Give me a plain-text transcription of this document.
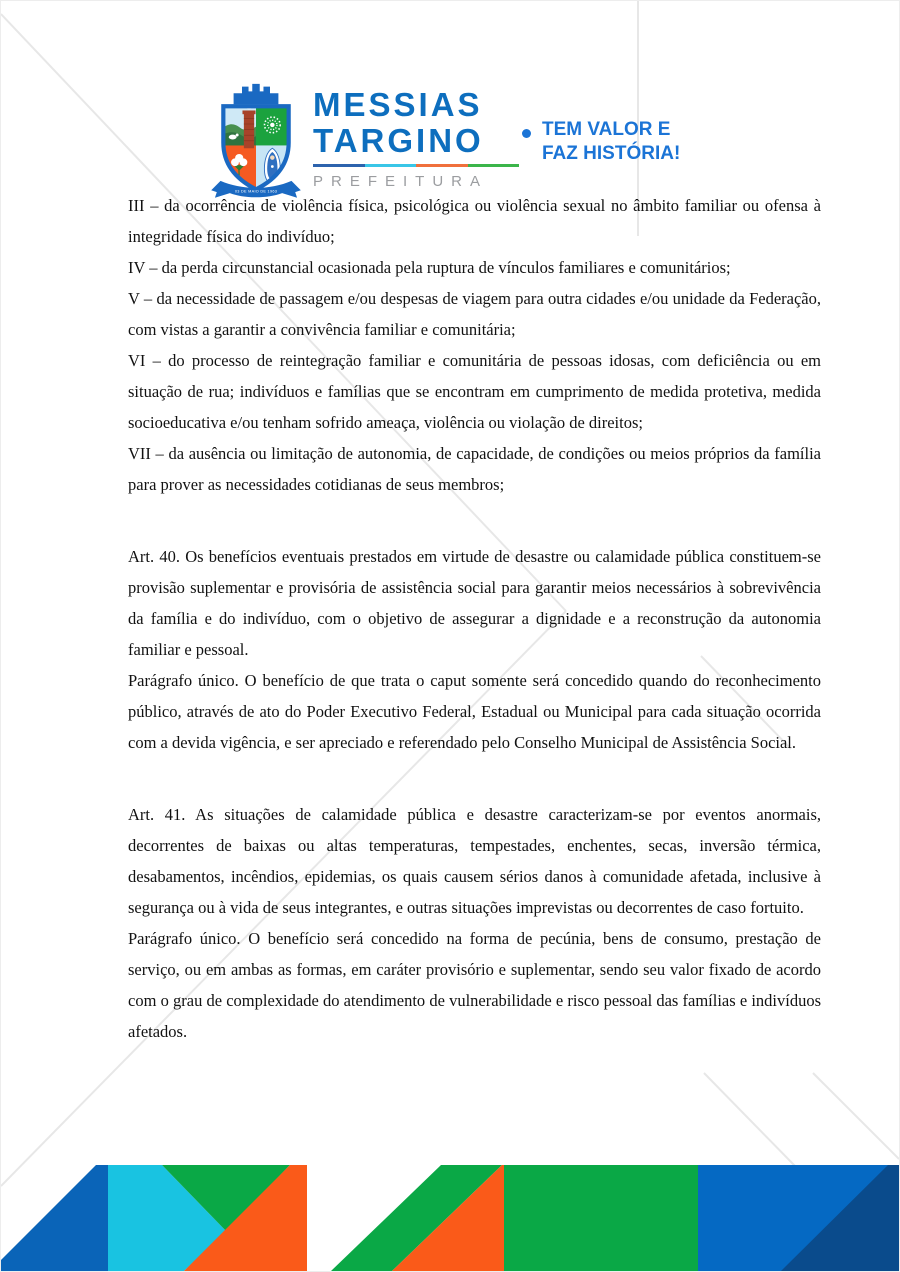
03 DE MAIO DE 1963
MESSIAS
TARGINO
PREFEITURA
TEM VALOR E
FAZ HISTÓRIA!

III – da ocorrência de violência física, psicológica ou violência sexual no âmbito familiar ou ofensa à integridade física do indivíduo;

IV – da perda circunstancial ocasionada pela ruptura de vínculos familiares e comunitários;

V – da necessidade de passagem e/ou despesas de viagem para outra cidades e/ou unidade da Federação, com vistas a garantir a convivência familiar e comunitária;

VI – do processo de reintegração familiar e comunitária de pessoas idosas, com deficiência ou em situação de rua; indivíduos e famílias que se encontram em cumprimento de medida protetiva, medida socioeducativa e/ou tenham sofrido ameaça, violência ou violação de direitos;

VII – da ausência ou limitação de autonomia, de capacidade, de condições ou meios próprios da família para prover as necessidades cotidianas de seus membros;

Art. 40. Os benefícios eventuais prestados em virtude de desastre ou calamidade pública constituem-se provisão suplementar e provisória de assistência social para garantir meios necessários à sobrevivência da família e do indivíduo, com o objetivo de assegurar a dignidade e a reconstrução da autonomia familiar e pessoal.

Parágrafo único. O benefício de que trata o caput somente será concedido quando do reconhecimento público, através de ato do Poder Executivo Federal, Estadual ou Municipal para cada situação ocorrida com a devida vigência, e ser apreciado e referendado pelo Conselho Municipal de Assistência Social.

Art. 41. As situações de calamidade pública e desastre caracterizam-se por eventos anormais, decorrentes de baixas ou altas temperaturas, tempestades, enchentes, secas, inversão térmica, desabamentos, incêndios, epidemias, os quais causem sérios danos à comunidade afetada, inclusive à segurança ou à vida de seus integrantes, e outras situações imprevistas ou decorrentes de caso fortuito.

Parágrafo único. O benefício será concedido na forma de pecúnia, bens de consumo, prestação de serviço, ou em ambas as formas, em caráter provisório e suplementar, sendo seu valor fixado de acordo com o grau de complexidade do atendimento de vulnerabilidade e risco pessoal das famílias e indivíduos afetados.
